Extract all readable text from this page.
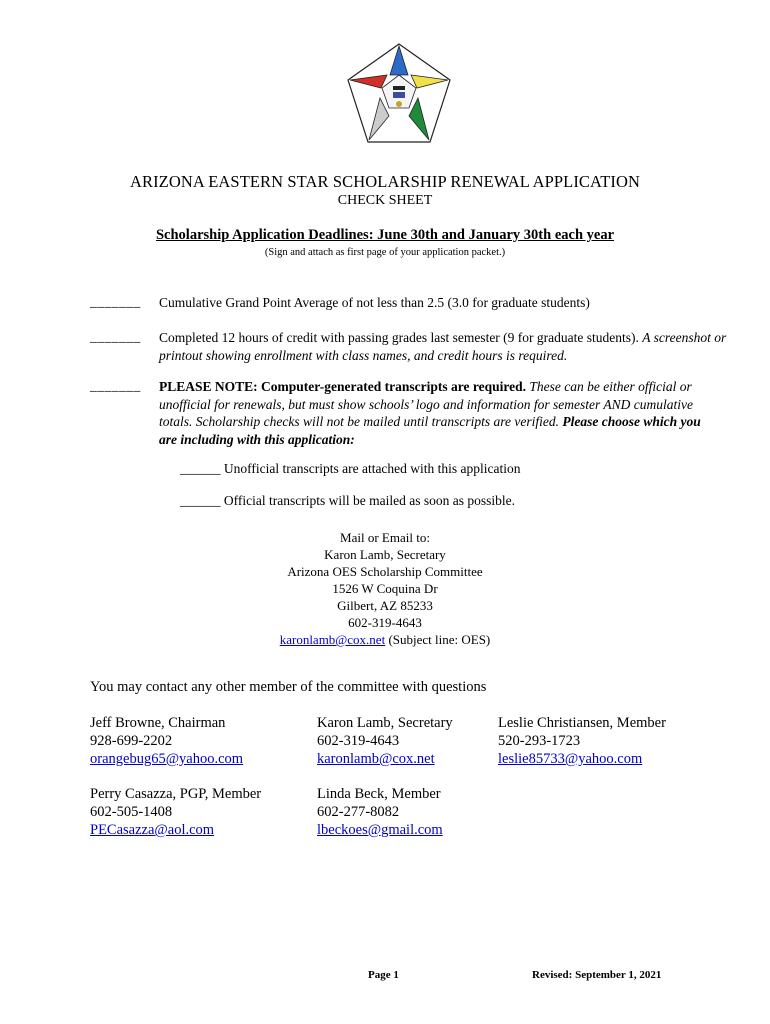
ARIZONA EASTERN STAR SCHOLARSHIP RENEWAL APPLICATION
CHECK SHEET
Scholarship Application Deadlines: June 30th and January 30th each year
(Sign and attach as first page of your application packet.)
_______ Cumulative Grand Point Average of not less than 2.5 (3.0 for graduate students)
_______ Completed 12 hours of credit with passing grades last semester (9 for graduate students). A screenshot or printout showing enrollment with class names, and credit hours is required.
_______ PLEASE NOTE: Computer-generated transcripts are required. These can be either official or unofficial for renewals, but must show schools’ logo and information for semester AND cumulative totals. Scholarship checks will not be mailed until transcripts are verified. Please choose which you are including with this application:
______ Unofficial transcripts are attached with this application
______ Official transcripts will be mailed as soon as possible.
Mail or Email to:
Karon Lamb, Secretary
Arizona OES Scholarship Committee
1526 W Coquina Dr
Gilbert, AZ 85233
602-319-4643
karonlamb@cox.net (Subject line: OES)
You may contact any other member of the committee with questions
Jeff Browne, Chairman
928-699-2202
orangebug65@yahoo.com
Karon Lamb, Secretary
602-319-4643
karonlamb@cox.net
Leslie Christiansen, Member
520-293-1723
leslie85733@yahoo.com
Perry Casazza, PGP, Member
602-505-1408
PECasazza@aol.com
Linda Beck, Member
602-277-8082
lbeckoes@gmail.com
Page 1	Revised: September 1, 2021
